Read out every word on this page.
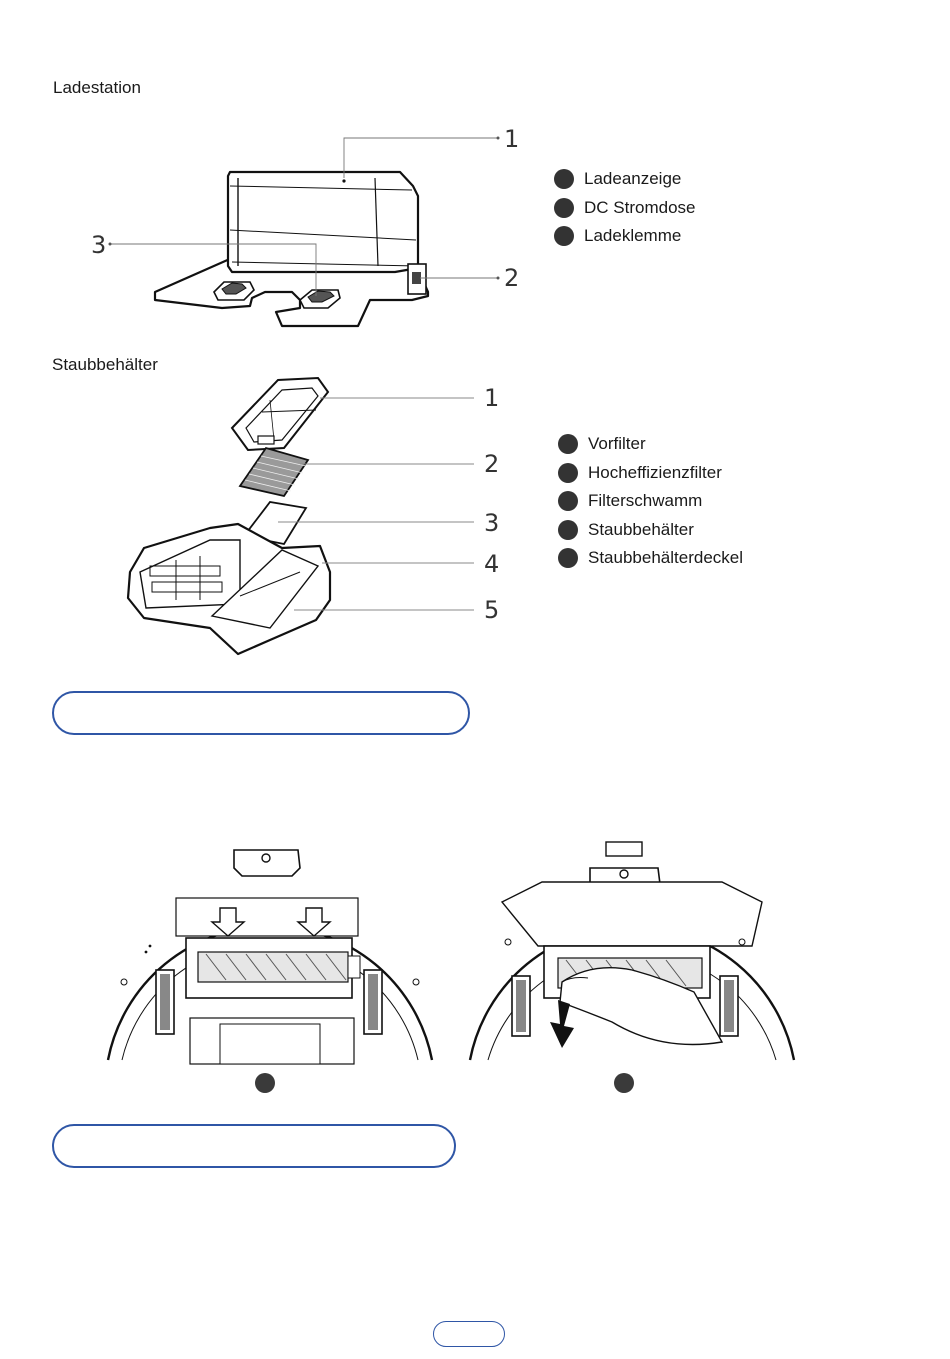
Ladestation
1
2
3
Ladeanzeige
DC Stromdose
Ladeklemme
Staubbehälter
1
2
3
4
5
Vorfilter
Hocheffizienzfilter
Filterschwamm
Staubbehälter
Staubbehälterdeckel
